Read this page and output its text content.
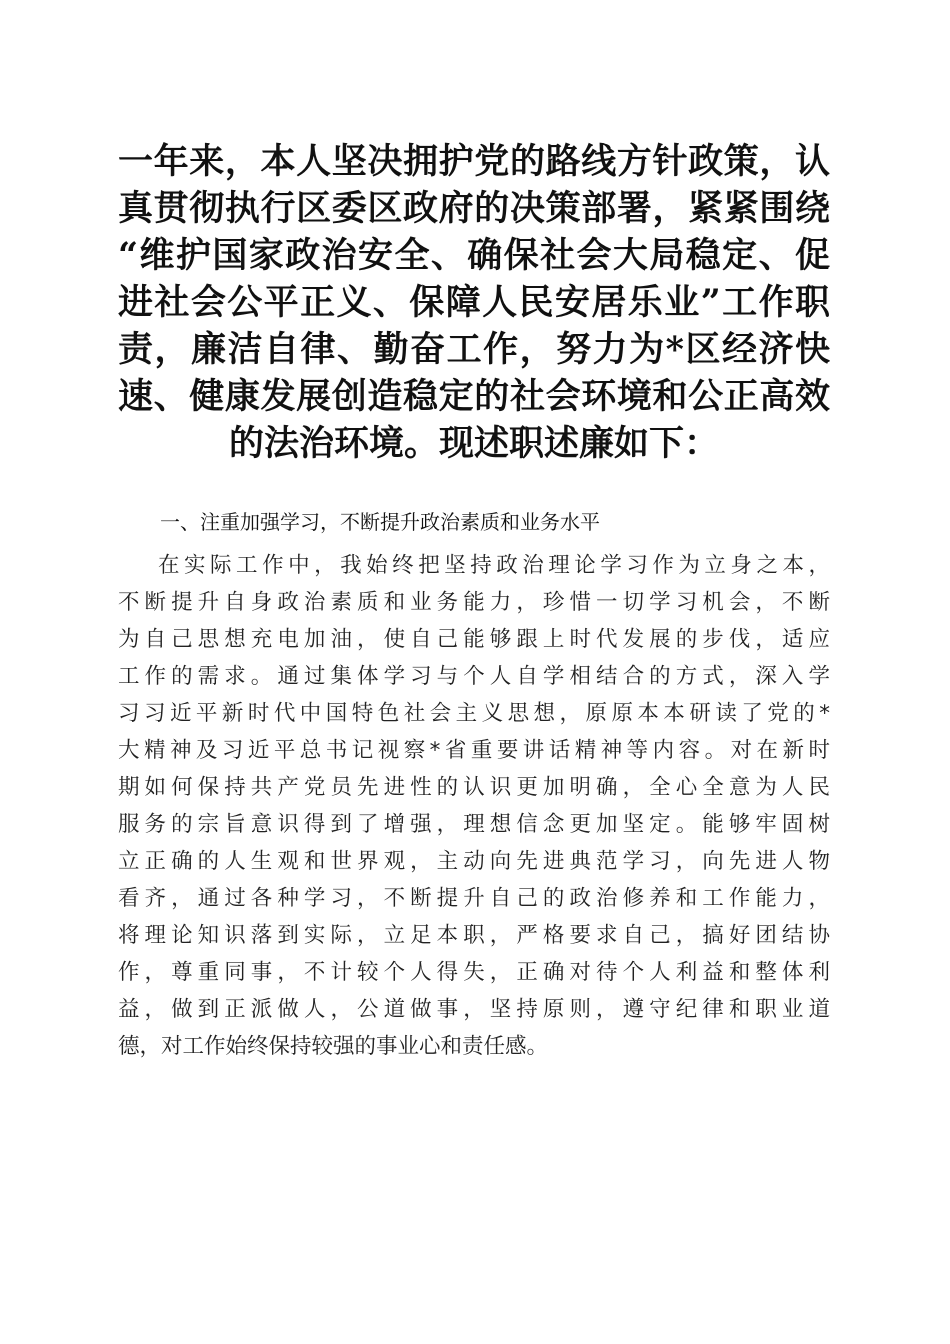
一年来，本人坚决拥护党的路线方针政策，认
真贯彻执行区委区政府的决策部署，紧紧围绕
“维护国家政治安全、确保社会大局稳定、促
进社会公平正义、保障人民安居乐业”工作职
责，廉洁自律、勤奋工作，努力为*区经济快
速、健康发展创造稳定的社会环境和公正高效
的法治环境。现述职述廉如下：
一、注重加强学习，不断提升政治素质和业务水平
在实际工作中，我始终把坚持政治理论学习作为立身之本，
不断提升自身政治素质和业务能力，珍惜一切学习机会，不断
为自己思想充电加油，使自己能够跟上时代发展的步伐，适应
工作的需求。通过集体学习与个人自学相结合的方式，深入学
习习近平新时代中国特色社会主义思想，原原本本研读了党的*
大精神及习近平总书记视察*省重要讲话精神等内容。对在新时
期如何保持共产党员先进性的认识更加明确，全心全意为人民
服务的宗旨意识得到了增强，理想信念更加坚定。能够牢固树
立正确的人生观和世界观，主动向先进典范学习，向先进人物
看齐，通过各种学习，不断提升自己的政治修养和工作能力，
将理论知识落到实际，立足本职，严格要求自己，搞好团结协
作，尊重同事，不计较个人得失，正确对待个人利益和整体利
益，做到正派做人，公道做事，坚持原则，遵守纪律和职业道
德，对工作始终保持较强的事业心和责任感。
